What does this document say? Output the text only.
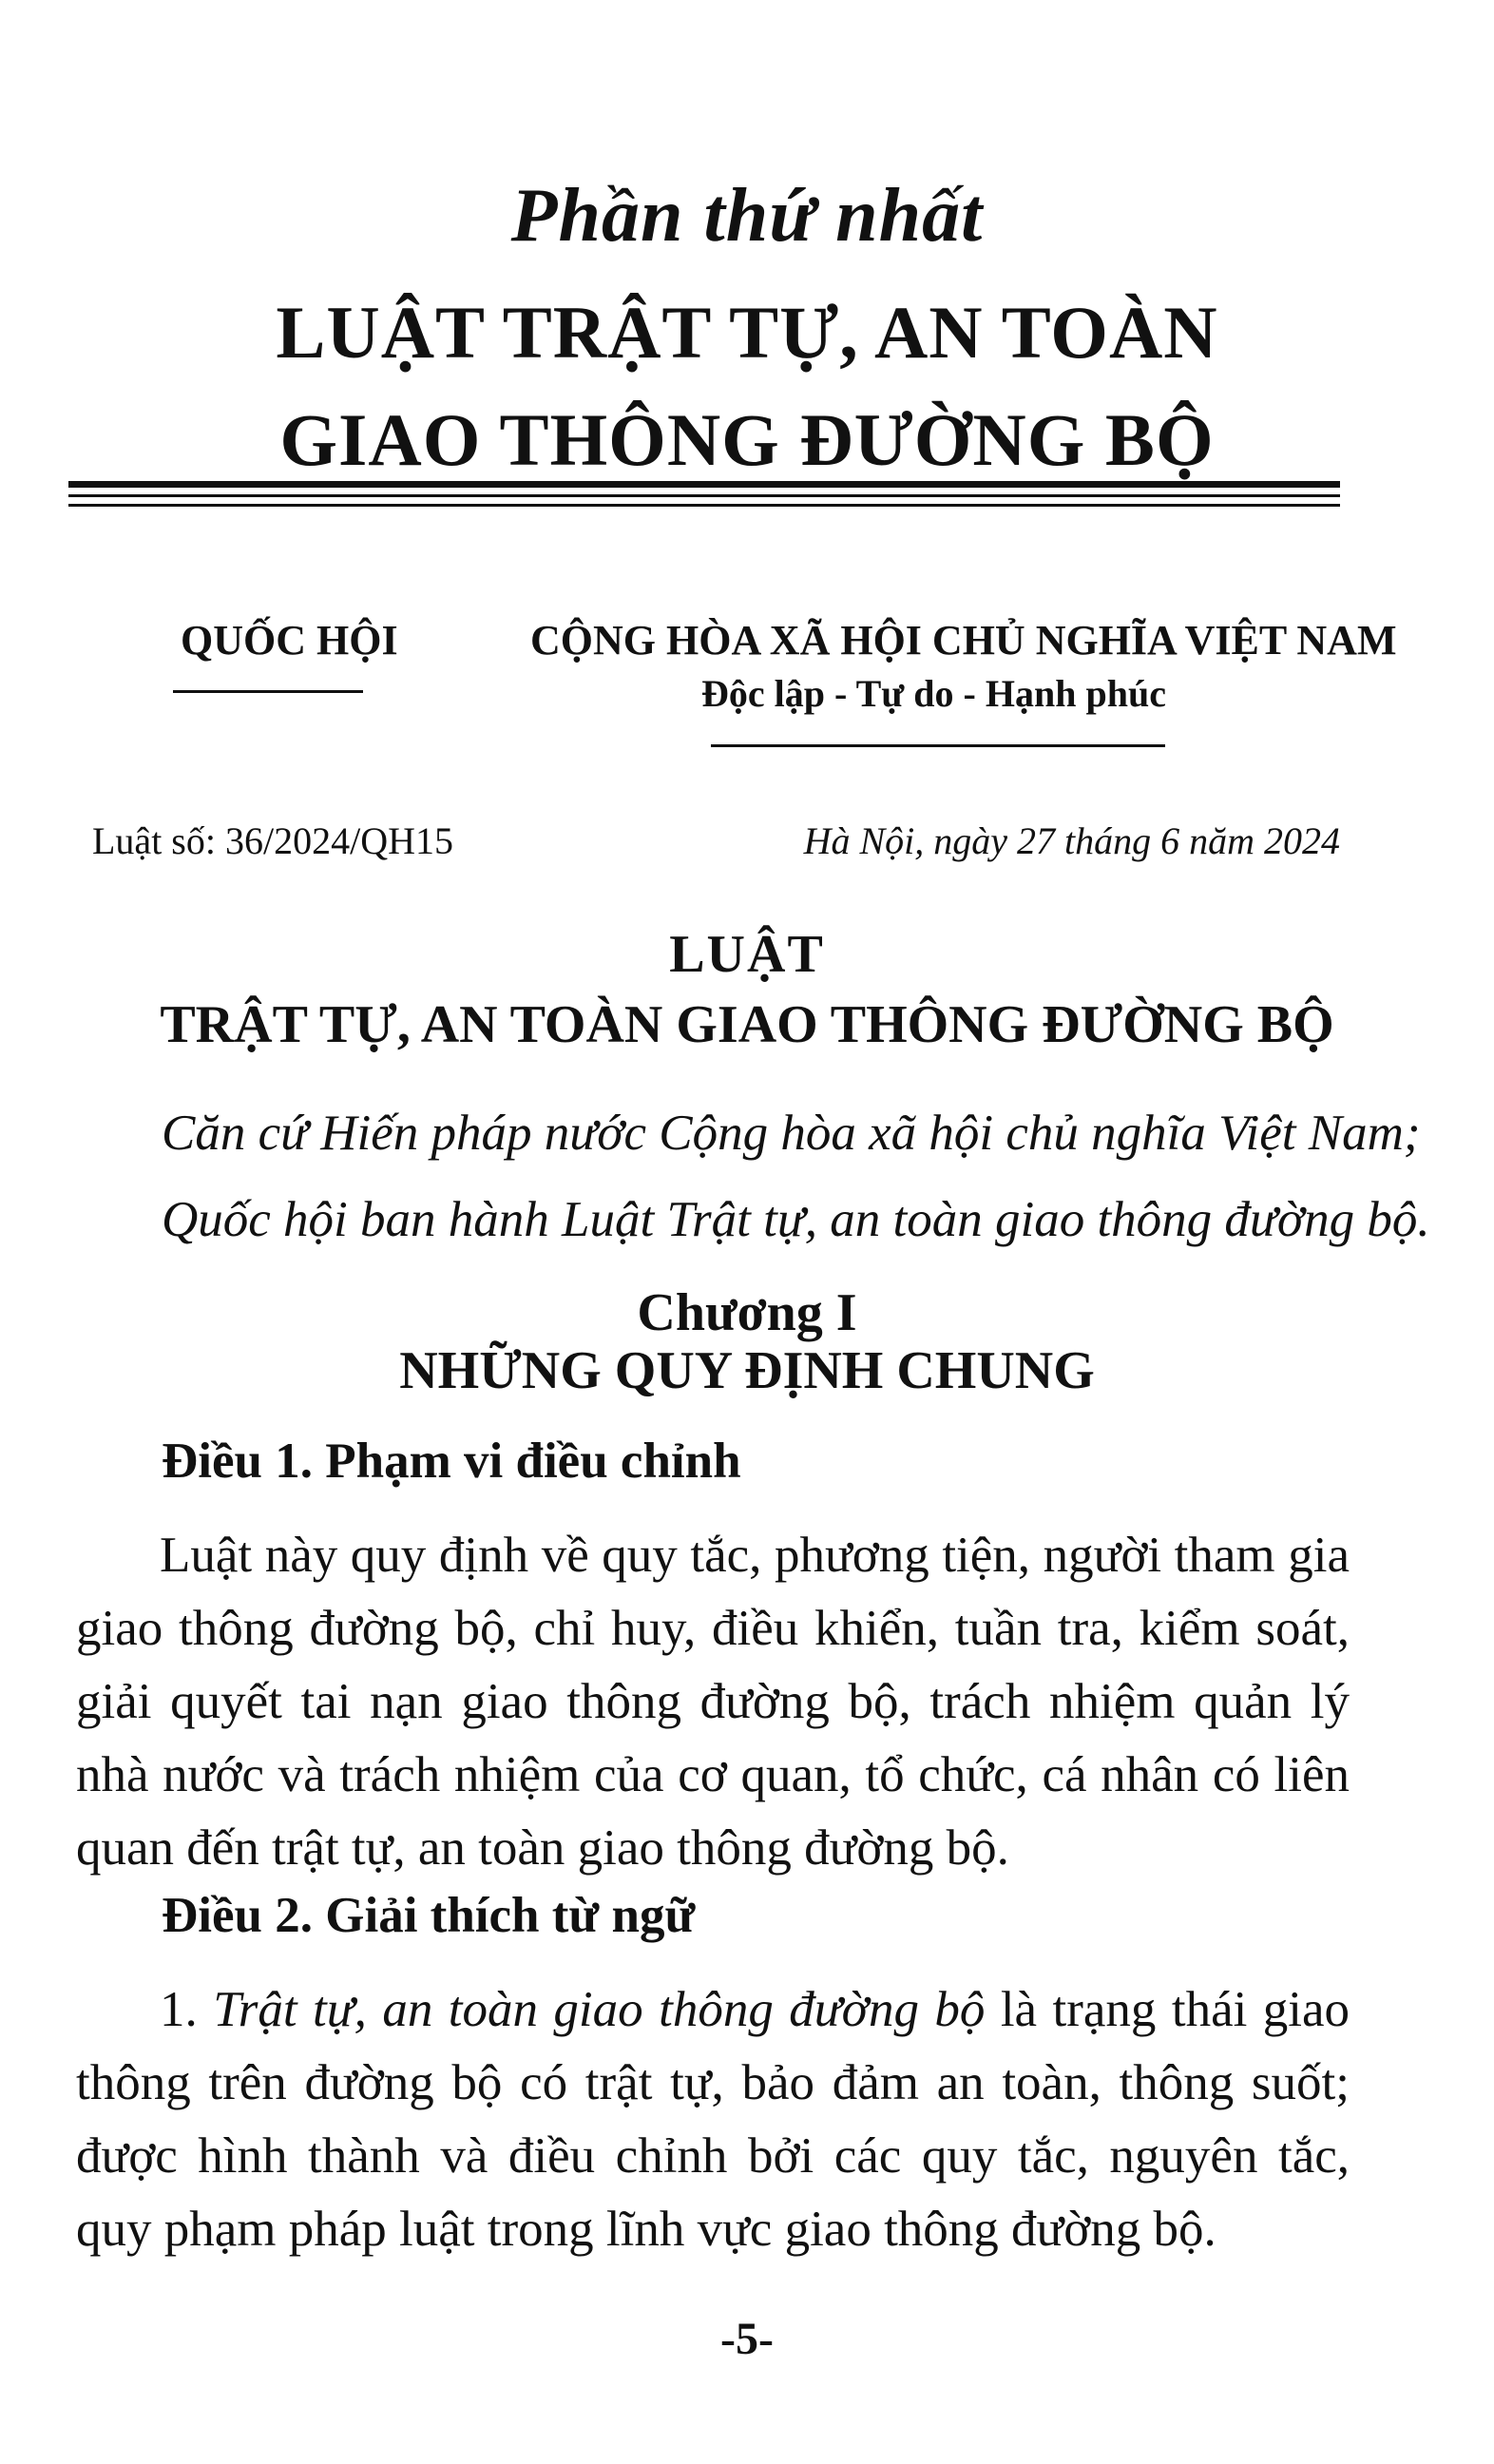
Phần thứ nhất
LUẬT TRẬT TỰ, AN TOÀN
GIAO THÔNG ĐƯỜNG BỘ
QUỐC HỘI	CỘNG HÒA XÃ HỘI CHỦ NGHĨA VIỆT NAM
Độc lập - Tự do - Hạnh phúc
Luật số: 36/2024/QH15	Hà Nội, ngày 27 tháng 6 năm 2024
LUẬT
TRẬT TỰ, AN TOÀN GIAO THÔNG ĐƯỜNG BỘ
Căn cứ Hiến pháp nước Cộng hòa xã hội chủ nghĩa Việt Nam;
Quốc hội ban hành Luật Trật tự, an toàn giao thông đường bộ.
Chương I
NHỮNG QUY ĐỊNH CHUNG
Điều 1. Phạm vi điều chỉnh
Luật này quy định về quy tắc, phương tiện, người tham gia giao thông đường bộ, chỉ huy, điều khiển, tuần tra, kiểm soát, giải quyết tai nạn giao thông đường bộ, trách nhiệm quản lý nhà nước và trách nhiệm của cơ quan, tổ chức, cá nhân có liên quan đến trật tự, an toàn giao thông đường bộ.
Điều 2. Giải thích từ ngữ
1. Trật tự, an toàn giao thông đường bộ là trạng thái giao thông trên đường bộ có trật tự, bảo đảm an toàn, thông suốt; được hình thành và điều chỉnh bởi các quy tắc, nguyên tắc, quy phạm pháp luật trong lĩnh vực giao thông đường bộ.
-5-
